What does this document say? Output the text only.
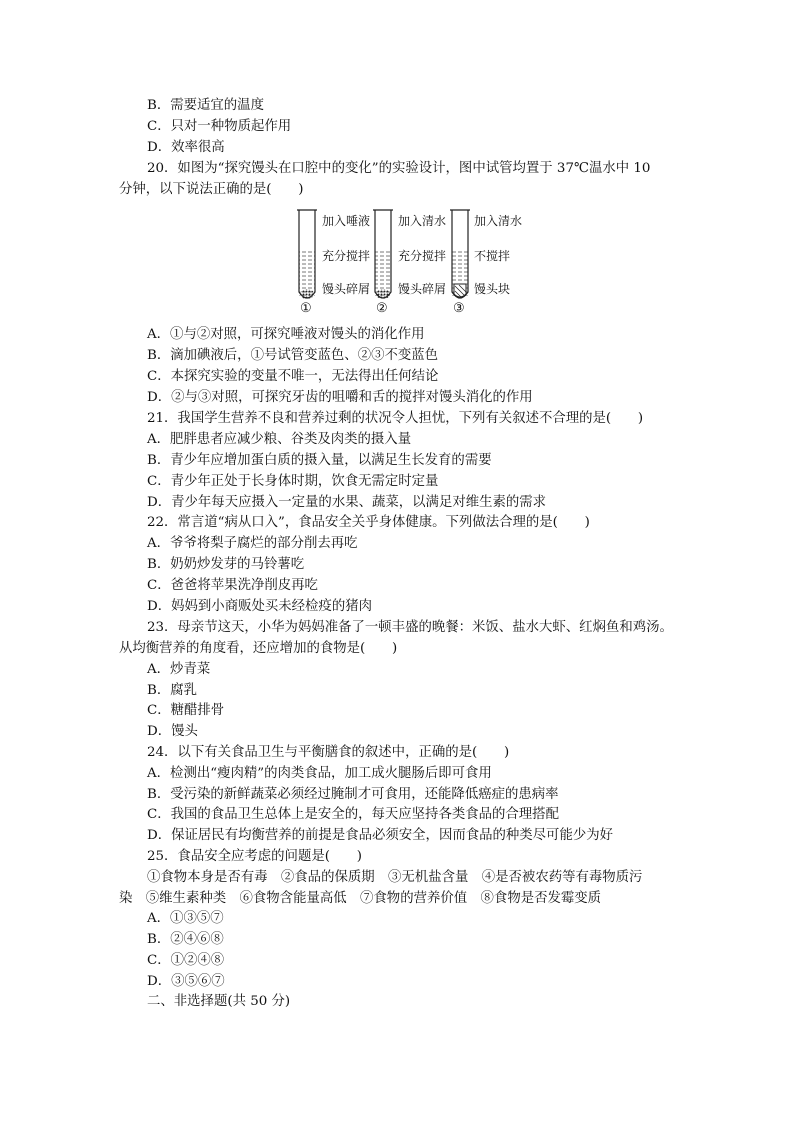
B．需要适宜的温度
C．只对一种物质起作用
D．效率很高
20．如图为“探究馒头在口腔中的变化”的实验设计，图中试管均置于 37℃温水中 10
分钟，以下说法正确的是(　　)
加入唾液
充分搅拌
馒头碎屑
①
加入清水
充分搅拌
馒头碎屑
②
加入清水
不搅拌
馒头块
③
A．①与②对照，可探究唾液对馒头的消化作用
B．滴加碘液后，①号试管变蓝色、②③不变蓝色
C．本探究实验的变量不唯一，无法得出任何结论
D．②与③对照，可探究牙齿的咀嚼和舌的搅拌对馒头消化的作用
21．我国学生营养不良和营养过剩的状况令人担忧，下列有关叙述不合理的是(　　)
A．肥胖患者应减少粮、谷类及肉类的摄入量
B．青少年应增加蛋白质的摄入量，以满足生长发育的需要
C．青少年正处于长身体时期，饮食无需定时定量
D．青少年每天应摄入一定量的水果、蔬菜，以满足对维生素的需求
22．常言道“病从口入”，食品安全关乎身体健康。下列做法合理的是(　　)
A．爷爷将梨子腐烂的部分削去再吃
B．奶奶炒发芽的马铃薯吃
C．爸爸将苹果洗净削皮再吃
D．妈妈到小商贩处买未经检疫的猪肉
23．母亲节这天，小华为妈妈准备了一顿丰盛的晚餐：米饭、盐水大虾、红焖鱼和鸡汤。
从均衡营养的角度看，还应增加的食物是(　　)
A．炒青菜
B．腐乳
C．糖醋排骨
D．馒头
24．以下有关食品卫生与平衡膳食的叙述中，正确的是(　　)
A．检测出“瘦肉精”的肉类食品，加工成火腿肠后即可食用
B．受污染的新鲜蔬菜必须经过腌制才可食用，还能降低癌症的患病率
C．我国的食品卫生总体上是安全的，每天应坚持各类食品的合理搭配
D．保证居民有均衡营养的前提是食品必须安全，因而食品的种类尽可能少为好
25．食品安全应考虑的问题是(　　)
①食物本身是否有毒　②食品的保质期　③无机盐含量　④是否被农药等有毒物质污
染　⑤维生素种类　⑥食物含能量高低　⑦食物的营养价值　⑧食物是否发霉变质
A．①③⑤⑦
B．②④⑥⑧
C．①②④⑧
D．③⑤⑥⑦
二、非选择题(共 50 分)
